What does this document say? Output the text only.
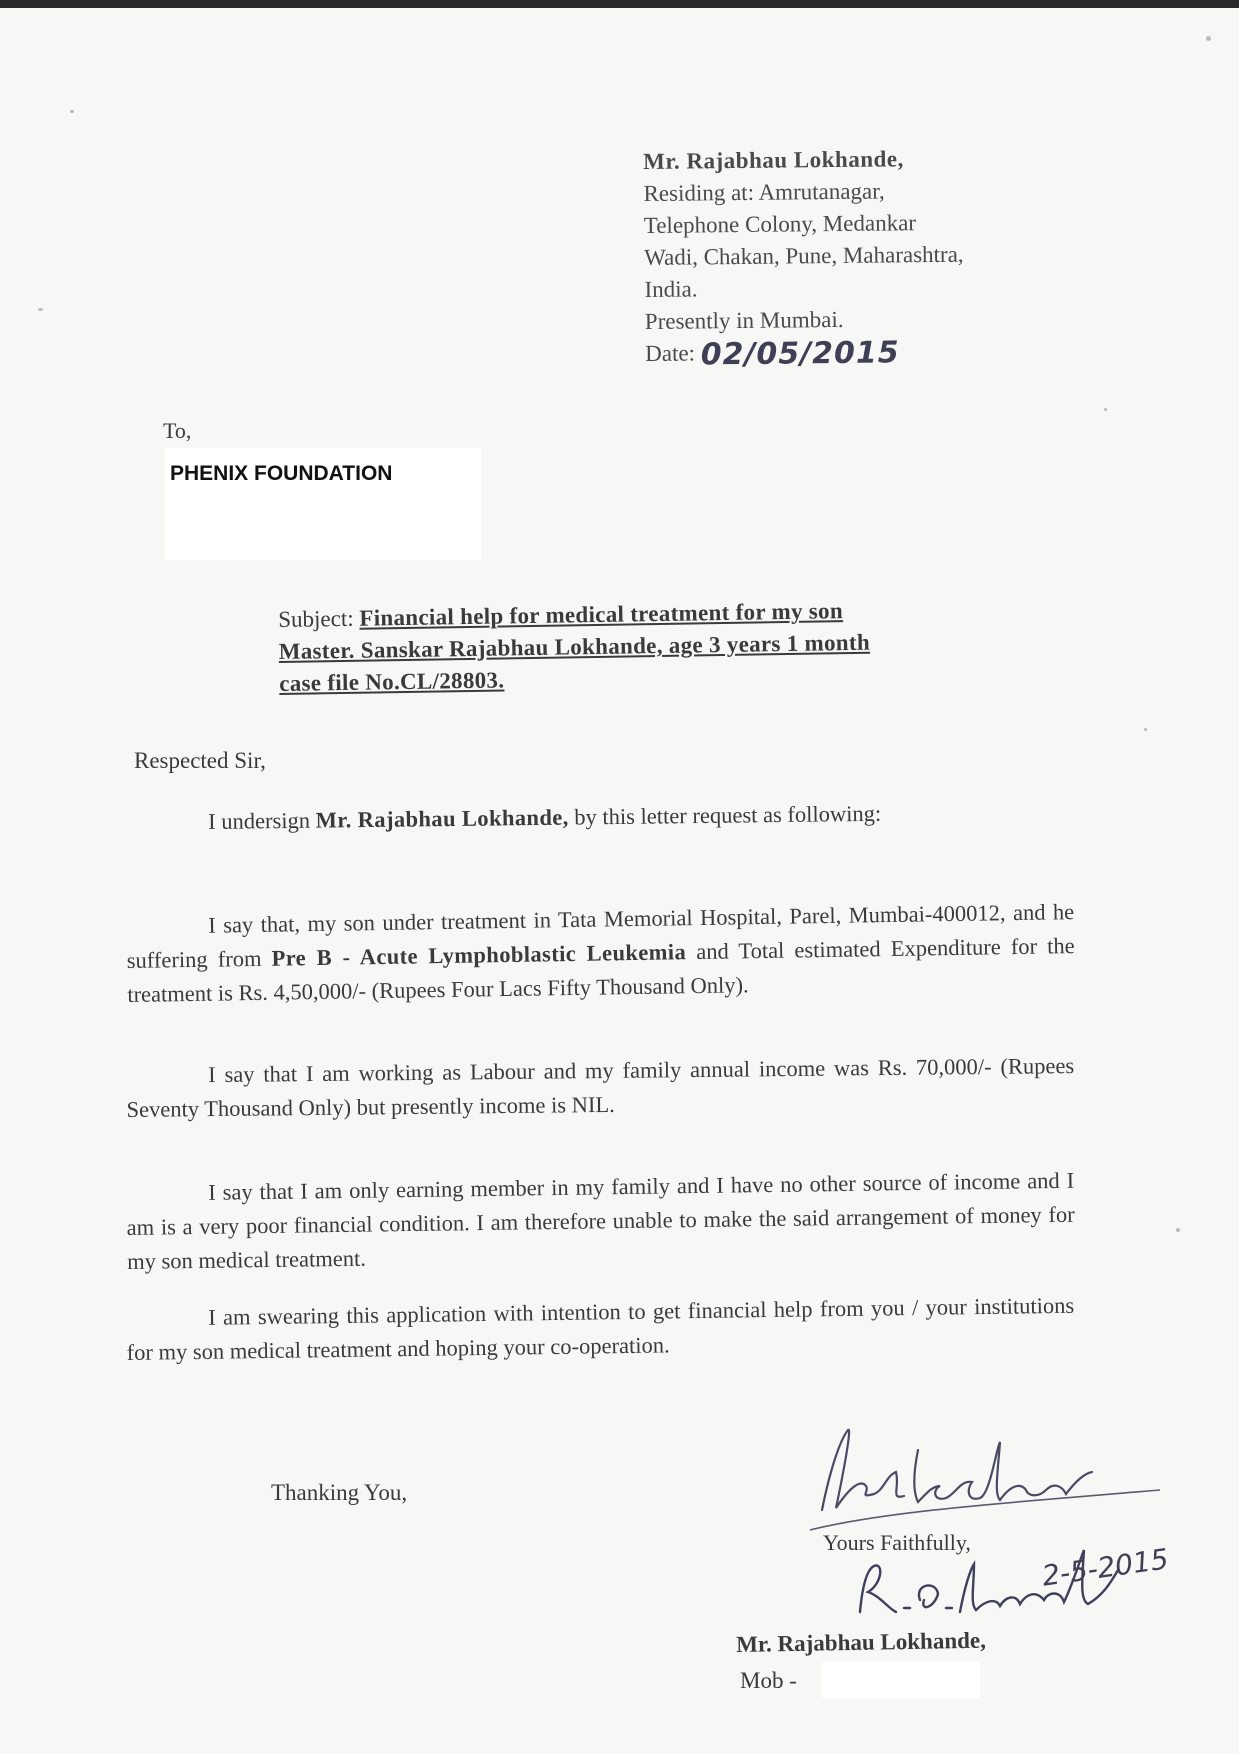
Mr. Rajabhau Lokhande,
Residing at: Amrutanagar,
Telephone Colony, Medankar
Wadi, Chakan, Pune, Maharashtra,
India.
Presently in Mumbai.
Date: 02/05/2015
To,
PHENIX FOUNDATION
Subject: Financial help for medical treatment for my son
Master. Sanskar Rajabhau Lokhande, age 3 years 1 month
case file No.CL/28803.
Respected Sir,
I undersign Mr. Rajabhau Lokhande, by this letter request as following:
I say that, my son under treatment in Tata Memorial Hospital, Parel, Mumbai-400012, and he suffering from Pre B - Acute Lymphoblastic Leukemia and Total estimated Expenditure for the treatment is Rs. 4,50,000/- (Rupees Four Lacs Fifty Thousand Only).
I say that I am working as Labour and my family annual income was Rs. 70,000/- (Rupees Seventy Thousand Only) but presently income is NIL.
I say that I am only earning member in my family and I have no other source of income and I am is a very poor financial condition. I am therefore unable to make the said arrangement of money for my son medical treatment.
I am swearing this application with intention to get financial help from you / your institutions for my son medical treatment and hoping your co-operation.
Thanking You,
Yours Faithfully, 2-5-2015
Mr. Rajabhau Lokhande,
Mob -
